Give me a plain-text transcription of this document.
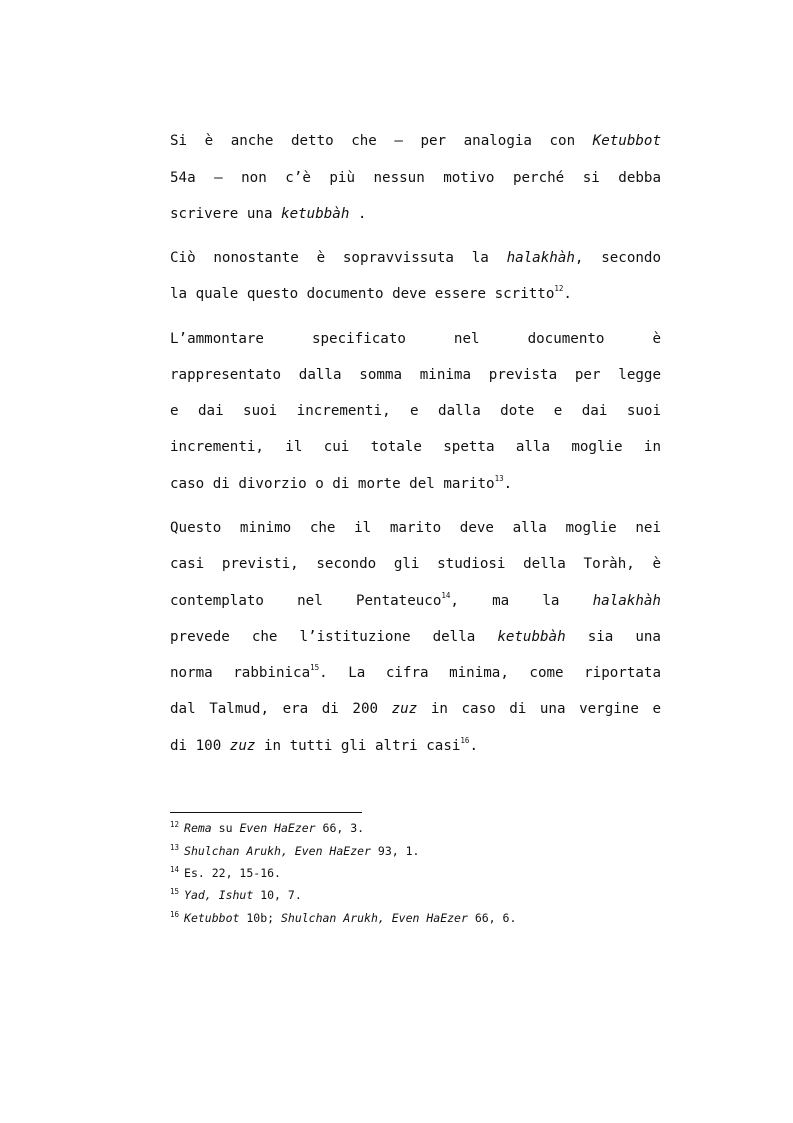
Si è anche detto che – per analogia con Ketubbot
54a – non c’è più nessun motivo perché si debba
scrivere una ketubbàh .
Ciò nonostante è sopravvissuta la halakhàh, secondo
la quale questo documento deve essere scritto$^{12}$.
L’ammontare specificato nel documento è
rappresentato dalla somma minima prevista per legge
e dai suoi incrementi, e dalla dote e dai suoi
incrementi, il cui totale spetta alla moglie in
caso di divorzio o di morte del marito$^{13}$.
Questo minimo che il marito deve alla moglie nei
casi previsti, secondo gli studiosi della Toràh, è
contemplato nel Pentateuco$^{14}$, ma la halakhàh
prevede che l’istituzione della ketubbàh sia una
norma rabbinica$^{15}$. La cifra minima, come riportata
dal Talmud, era di 200 zuz in caso di una vergine e
di 100 zuz in tutti gli altri casi$^{16}$.
$^{12}$ Rema su Even HaEzer 66, 3.
$^{13}$ Shulchan Arukh, Even HaEzer 93, 1.
$^{14}$ Es. 22, 15-16.
$^{15}$ Yad, Ishut 10, 7.
$^{16}$ Ketubbot 10b; Shulchan Arukh, Even HaEzer 66, 6.
